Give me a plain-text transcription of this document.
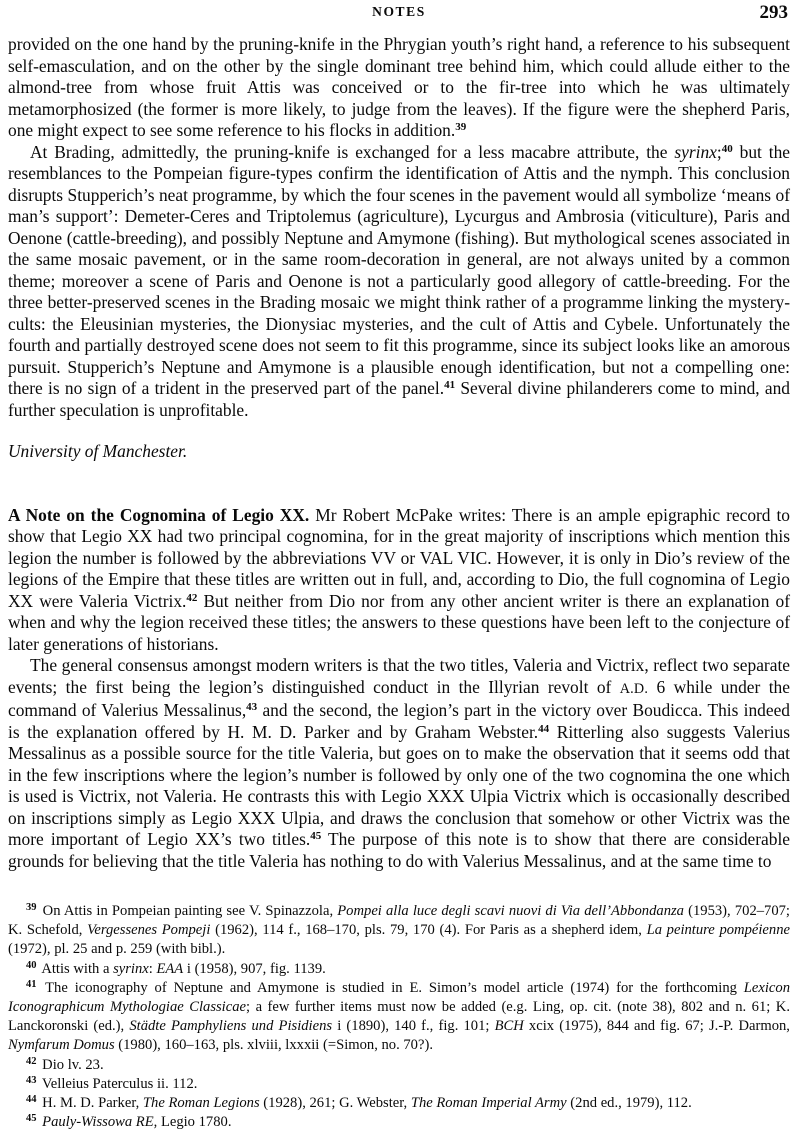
NOTES	293

provided on the one hand by the pruning-knife in the Phrygian youth’s right hand, a reference to his subsequent self-emasculation, and on the other by the single dominant tree behind him, which could allude either to the almond-tree from whose fruit Attis was conceived or to the fir-tree into which he was ultimately metamorphosized (the former is more likely, to judge from the leaves). If the figure were the shepherd Paris, one might expect to see some reference to his flocks in addition.$^{39}$

At Brading, admittedly, the pruning-knife is exchanged for a less macabre attribute, the syrinx;$^{40}$ but the resemblances to the Pompeian figure-types confirm the identification of Attis and the nymph. This conclusion disrupts Stupperich’s neat programme, by which the four scenes in the pavement would all symbolize ‘means of man’s support’: Demeter-Ceres and Triptolemus (agriculture), Lycurgus and Ambrosia (viticulture), Paris and Oenone (cattle-breeding), and possibly Neptune and Amymone (fishing). But mythological scenes associated in the same mosaic pavement, or in the same room-decoration in general, are not always united by a common theme; moreover a scene of Paris and Oenone is not a particularly good allegory of cattle-breeding. For the three better-preserved scenes in the Brading mosaic we might think rather of a programme linking the mystery-cults: the Eleusinian mysteries, the Dionysiac mysteries, and the cult of Attis and Cybele. Unfortunately the fourth and partially destroyed scene does not seem to fit this programme, since its subject looks like an amorous pursuit. Stupperich’s Neptune and Amymone is a plausible enough identification, but not a compelling one: there is no sign of a trident in the preserved part of the panel.$^{41}$ Several divine philanderers come to mind, and further speculation is unprofitable.

University of Manchester.

A Note on the Cognomina of Legio XX. Mr Robert McPake writes: There is an ample epigraphic record to show that Legio XX had two principal cognomina, for in the great majority of inscriptions which mention this legion the number is followed by the abbreviations VV or VAL VIC. However, it is only in Dio’s review of the legions of the Empire that these titles are written out in full, and, according to Dio, the full cognomina of Legio XX were Valeria Victrix.$^{42}$ But neither from Dio nor from any other ancient writer is there an explanation of when and why the legion received these titles; the answers to these questions have been left to the conjecture of later generations of historians.

The general consensus amongst modern writers is that the two titles, Valeria and Victrix, reflect two separate events; the first being the legion’s distinguished conduct in the Illyrian revolt of A.D. 6 while under the command of Valerius Messalinus,$^{43}$ and the second, the legion’s part in the victory over Boudicca. This indeed is the explanation offered by H. M. D. Parker and by Graham Webster.$^{44}$ Ritterling also suggests Valerius Messalinus as a possible source for the title Valeria, but goes on to make the observation that it seems odd that in the few inscriptions where the legion’s number is followed by only one of the two cognomina the one which is used is Victrix, not Valeria. He contrasts this with Legio XXX Ulpia Victrix which is occasionally described on inscriptions simply as Legio XXX Ulpia, and draws the conclusion that somehow or other Victrix was the more important of Legio XX’s two titles.$^{45}$ The purpose of this note is to show that there are considerable grounds for believing that the title Valeria has nothing to do with Valerius Messalinus, and at the same time to

$^{39}$ On Attis in Pompeian painting see V. Spinazzola, Pompei alla luce degli scavi nuovi di Via dell’Abbondanza (1953), 702–707; K. Schefold, Vergessenes Pompeji (1962), 114 f., 168–170, pls. 79, 170 (4). For Paris as a shepherd idem, La peinture pompéienne (1972), pl. 25 and p. 259 (with bibl.).

$^{40}$ Attis with a syrinx: EAA i (1958), 907, fig. 1139.

$^{41}$ The iconography of Neptune and Amymone is studied in E. Simon’s model article (1974) for the forthcoming Lexicon Iconographicum Mythologiae Classicae; a few further items must now be added (e.g. Ling, op. cit. (note 38), 802 and n. 61; K. Lanckoronski (ed.), Städte Pamphyliens und Pisidiens i (1890), 140 f., fig. 101; BCH xcix (1975), 844 and fig. 67; J.-P. Darmon, Nymfarum Domus (1980), 160–163, pls. xlviii, lxxxii (=Simon, no. 70?).

$^{42}$ Dio lv. 23.

$^{43}$ Velleius Paterculus ii. 112.

$^{44}$ H. M. D. Parker, The Roman Legions (1928), 261; G. Webster, The Roman Imperial Army (2nd ed., 1979), 112.

$^{45}$ Pauly-Wissowa RE, Legio 1780.
